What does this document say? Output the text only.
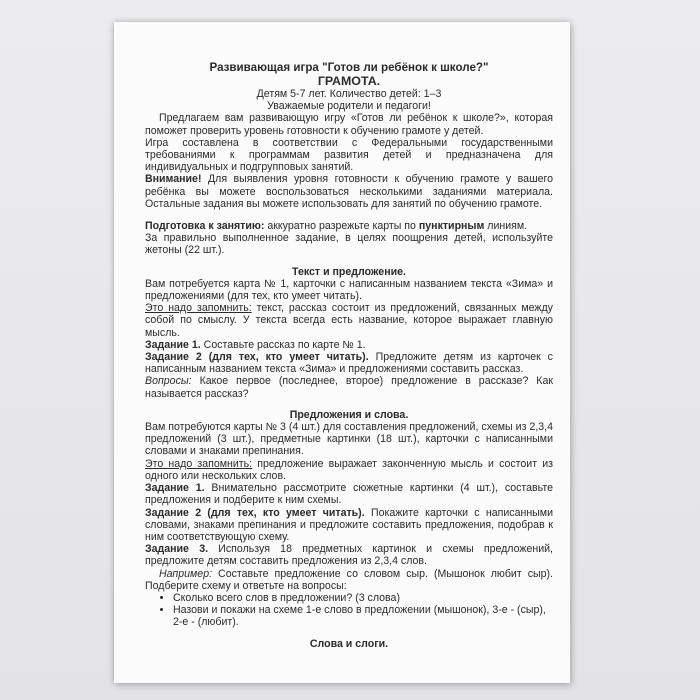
Развивающая игра "Готов ли ребёнок к школе?"
ГРАМОТА.
Детям 5-7 лет. Количество детей: 1–3
Уважаемые родители и педагоги!
Предлагаем вам развивающую игру «Готов ли ребёнок к школе?», которая поможет проверить уровень готовности к обучению грамоте у детей.
Игра составлена в соответствии с Федеральными государственными требованиями к программам развития детей и предназначена для индивидуальных и подгрупповых занятий.
Внимание! Для выявления уровня готовности к обучению грамоте у вашего ребёнка вы можете воспользоваться несколькими заданиями материала. Остальные задания вы можете использовать для занятий по обучению грамоте.
Подготовка к занятию: аккуратно разрежьте карты по пунктирным линиям.
За правильно выполненное задание, в целях поощрения детей, используйте жетоны (22 шт.).
Текст и предложение.
Вам потребуется карта № 1, карточки с написанным названием текста «Зима» и предложениями (для тех, кто умеет читать).
Это надо запомнить: текст, рассказ состоит из предложений, связанных между собой по смыслу. У текста всегда есть название, которое выражает главную мысль.
Задание 1. Составьте рассказ по карте № 1.
Задание 2 (для тех, кто умеет читать). Предложите детям из карточек с написанным названием текста «Зима» и предложениями составить рассказ.
Вопросы: Какое первое (последнее, второе) предложение в рассказе? Как называется рассказ?
Предложения и слова.
Вам потребуются карты № 3 (4 шт.) для составления предложений, схемы из 2,3,4 предложений (3 шт.), предметные картинки (18 шт.), карточки с написанными словами и знаками препинания.
Это надо запомнить: предложение выражает законченную мысль и состоит из одного или нескольких слов.
Задание 1. Внимательно рассмотрите сюжетные картинки (4 шт.), составьте предложения и подберите к ним схемы.
Задание 2 (для тех, кто умеет читать). Покажите карточки с написанными словами, знаками препинания и предложите составить предложения, подобрав к ним соответствующую схему.
Задание 3. Используя 18 предметных картинок и схемы предложений, предложите детям составить предложения из 2,3,4 слов.
Например: Составьте предложение со словом сыр. (Мышонок любит сыр). Подберите схему и ответьте на вопросы:
• Сколько всего слов в предложении? (3 слова)
• Назови и покажи на схеме 1-е слово в предложении (мышонок), 3-е - (сыр), 2-е - (любит).
Слова и слоги.
